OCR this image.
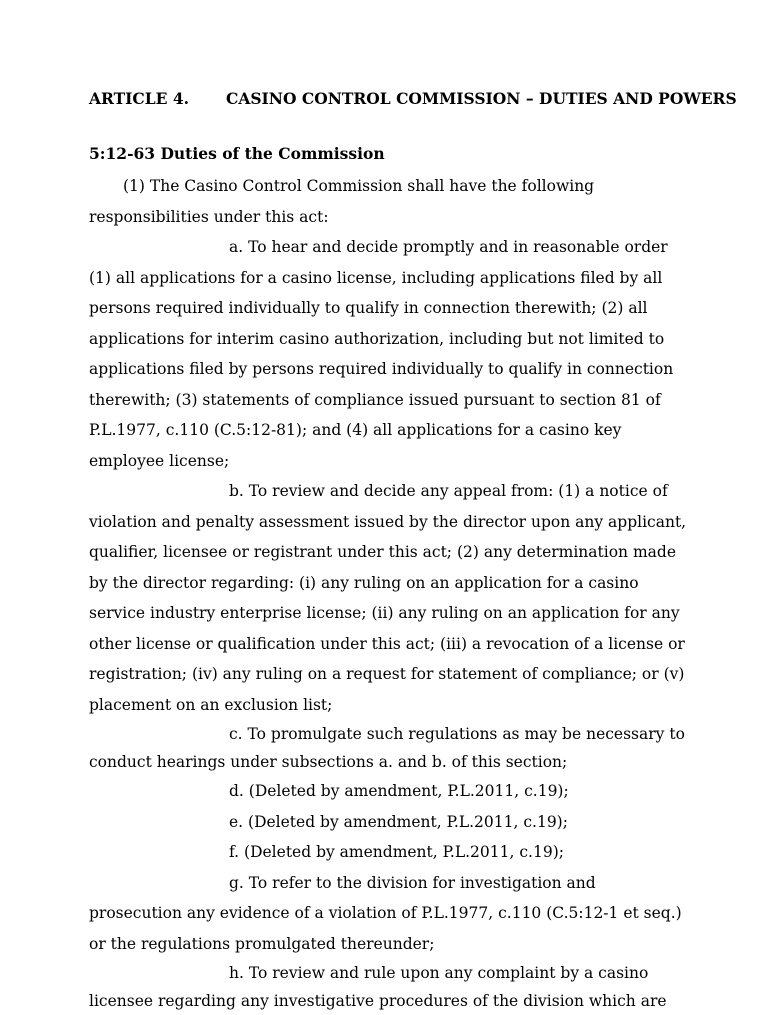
ARTICLE 4. CASINO CONTROL COMMISSION – DUTIES AND POWERS
5:12-63 Duties of the Commission

(1) The Casino Control Commission shall have the following responsibilities under this act:

a. To hear and decide promptly and in reasonable order (1) all applications for a casino license, including applications filed by all persons required individually to qualify in connection therewith; (2) all applications for interim casino authorization, including but not limited to applications filed by persons required individually to qualify in connection therewith; (3) statements of compliance issued pursuant to section 81 of P.L.1977, c.110 (C.5:12-81); and (4) all applications for a casino key employee license;

b. To review and decide any appeal from: (1) a notice of violation and penalty assessment issued by the director upon any applicant, qualifier, licensee or registrant under this act; (2) any determination made by the director regarding: (i) any ruling on an application for a casino service industry enterprise license; (ii) any ruling on an application for any other license or qualification under this act; (iii) a revocation of a license or registration; (iv) any ruling on a request for statement of compliance; or (v) placement on an exclusion list;

c. To promulgate such regulations as may be necessary to conduct hearings under subsections a. and b. of this section;

d. (Deleted by amendment, P.L.2011, c.19);

e. (Deleted by amendment, P.L.2011, c.19);

f. (Deleted by amendment, P.L.2011, c.19);

g. To refer to the division for investigation and prosecution any evidence of a violation of P.L.1977, c.110 (C.5:12-1 et seq.) or the regulations promulgated thereunder;

h. To review and rule upon any complaint by a casino licensee regarding any investigative procedures of the division which are
